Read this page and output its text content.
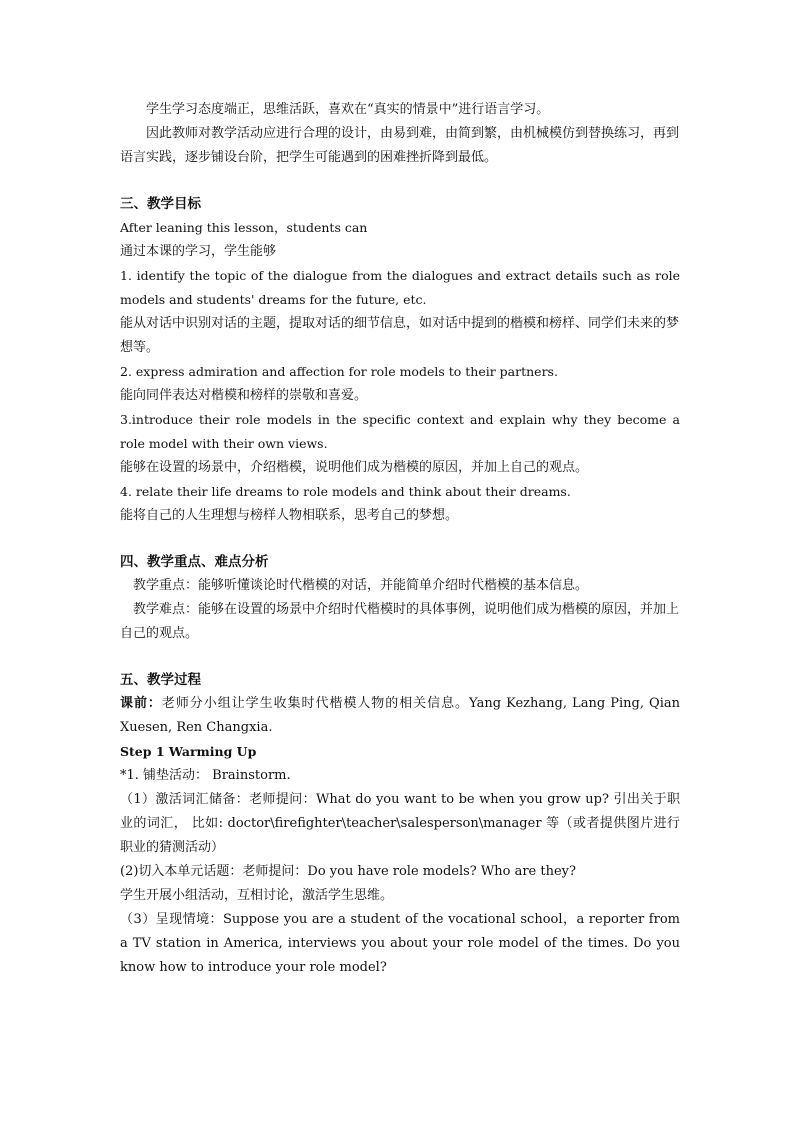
学生学习态度端正，思维活跃，喜欢在“真实的情景中”进行语言学习。

因此教师对教学活动应进行合理的设计，由易到难，由简到繁，由机械模仿到替换练习，再到语言实践，逐步铺设台阶，把学生可能遇到的困难挫折降到最低。

三、教学目标

After leaning this lesson，students can

通过本课的学习，学生能够

1. identify the topic of the dialogue from the dialogues and extract details such as role models and students' dreams for the future, etc.

能从对话中识别对话的主题，提取对话的细节信息，如对话中提到的楷模和榜样、同学们未来的梦想等。

2. express admiration and affection for role models to their partners.

能向同伴表达对楷模和榜样的崇敬和喜爱。

3.introduce their role models in the specific context and explain why they become a role model with their own views.

能够在设置的场景中，介绍楷模，说明他们成为楷模的原因，并加上自己的观点。

4. relate their life dreams to role models and think about their dreams.

能将自己的人生理想与榜样人物相联系，思考自己的梦想。

四、教学重点、难点分析

教学重点：能够听懂谈论时代楷模的对话，并能简单介绍时代楷模的基本信息。

教学难点：能够在设置的场景中介绍时代楷模时的具体事例，说明他们成为楷模的原因，并加上自己的观点。

五、教学过程

课前：老师分小组让学生收集时代楷模人物的相关信息。Yang Kezhang, Lang Ping, Qian Xuesen, Ren Changxia.

Step 1 Warming Up

*1. 铺垫活动： Brainstorm.

（1）激活词汇储备：老师提问：What do you want to be when you grow up? 引出关于职业的词汇， 比如: doctor\firefighter\teacher\salesperson\manager 等（或者提供图片进行职业的猜测活动）

(2)切入本单元话题：老师提问：Do you have role models? Who are they?

学生开展小组活动，互相讨论，激活学生思维。

（3）呈现情境：Suppose you are a student of the vocational school，a reporter from a TV station in America, interviews you about your role model of the times. Do you know how to introduce your role model?
